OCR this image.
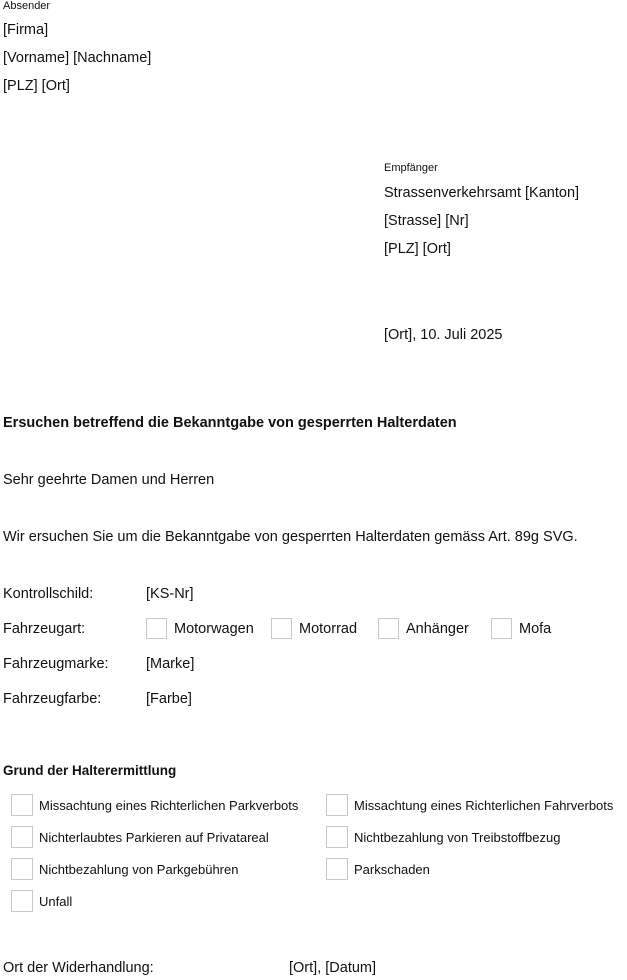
Absender
[Firma]
[Vorname] [Nachname]
[PLZ] [Ort]
Empfänger
Strassenverkehrsamt [Kanton]
[Strasse] [Nr]
[PLZ] [Ort]
[Ort], 10. Juli 2025
Ersuchen betreffend die Bekanntgabe von gesperrten Halterdaten
Sehr geehrte Damen und Herren
Wir ersuchen Sie um die Bekanntgabe von gesperrten Halterdaten gemäss Art. 89g SVG.
Kontrollschild:	[KS-Nr]
Fahrzeugart:	Motorwagen	Motorrad	Anhänger	Mofa
Fahrzeugmarke:	[Marke]
Fahrzeugfarbe:	[Farbe]
Grund der Halterermittlung
Missachtung eines Richterlichen Parkverbots	Missachtung eines Richterlichen Fahrverbots
Nichterlaubtes Parkieren auf Privatareal	Nichtbezahlung von Treibstoffbezug
Nichtbezahlung von Parkgebühren	Parkschaden
Unfall
Ort der Widerhandlung:	[Ort], [Datum]
